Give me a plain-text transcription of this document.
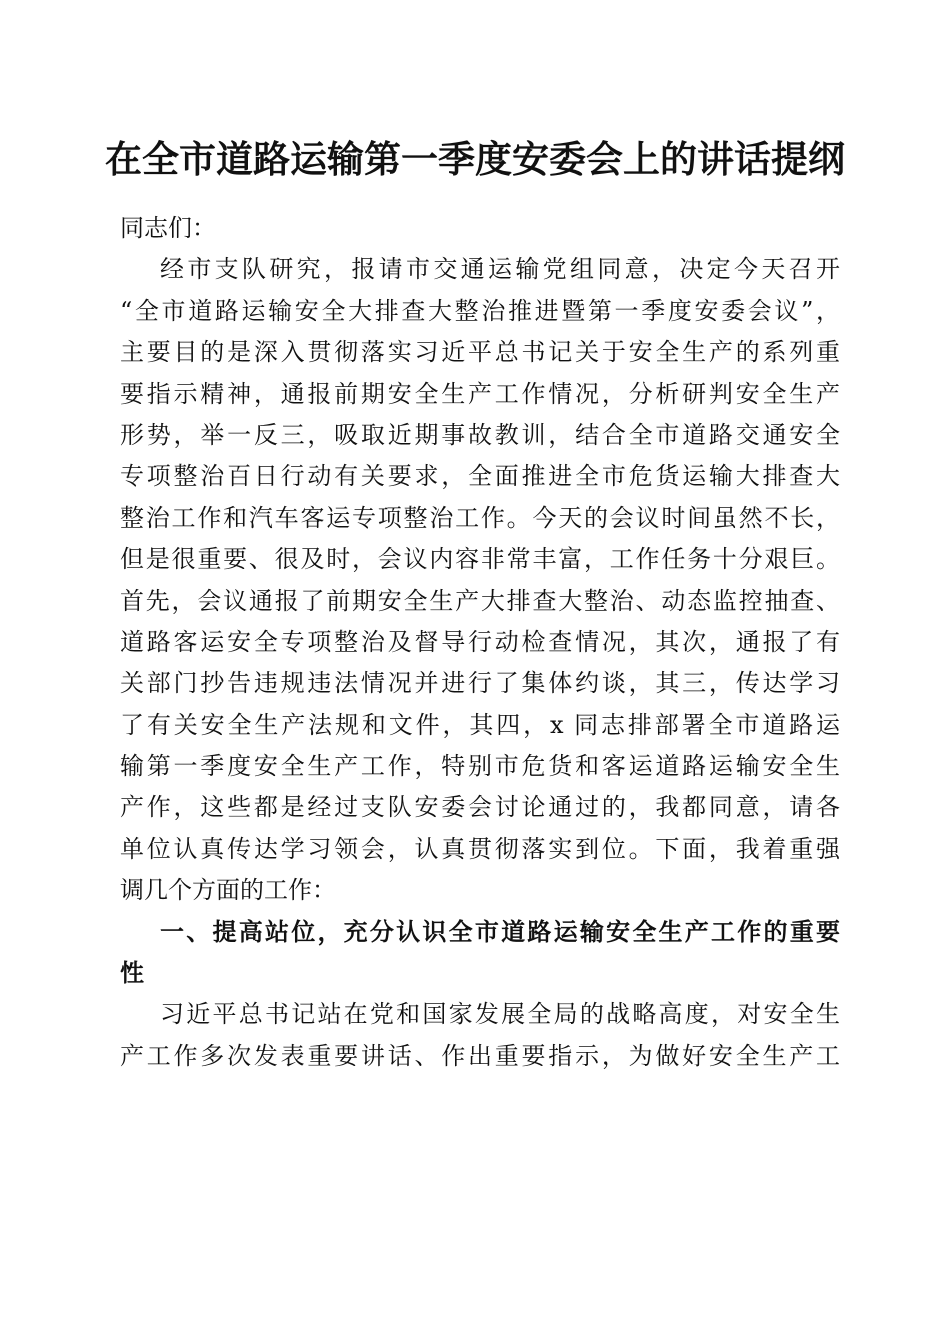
在全市道路运输第一季度安委会上的讲话提纲
同志们：
经市支队研究，报请市交通运输党组同意，决定今天召开
“全市道路运输安全大排查大整治推进暨第一季度安委会议”，
主要目的是深入贯彻落实习近平总书记关于安全生产的系列重
要指示精神，通报前期安全生产工作情况，分析研判安全生产
形势，举一反三，吸取近期事故教训，结合全市道路交通安全
专项整治百日行动有关要求，全面推进全市危货运输大排查大
整治工作和汽车客运专项整治工作。今天的会议时间虽然不长，
但是很重要、很及时，会议内容非常丰富，工作任务十分艰巨。
首先，会议通报了前期安全生产大排查大整治、动态监控抽查、
道路客运安全专项整治及督导行动检查情况，其次，通报了有
关部门抄告违规违法情况并进行了集体约谈，其三，传达学习
了有关安全生产法规和文件，其四，x 同志排部署全市道路运
输第一季度安全生产工作，特别市危货和客运道路运输安全生
产作，这些都是经过支队安委会讨论通过的，我都同意，请各
单位认真传达学习领会，认真贯彻落实到位。下面，我着重强
调几个方面的工作：
一、提高站位，充分认识全市道路运输安全生产工作的重要
性
习近平总书记站在党和国家发展全局的战略高度，对安全生
产工作多次发表重要讲话、作出重要指示，为做好安全生产工
